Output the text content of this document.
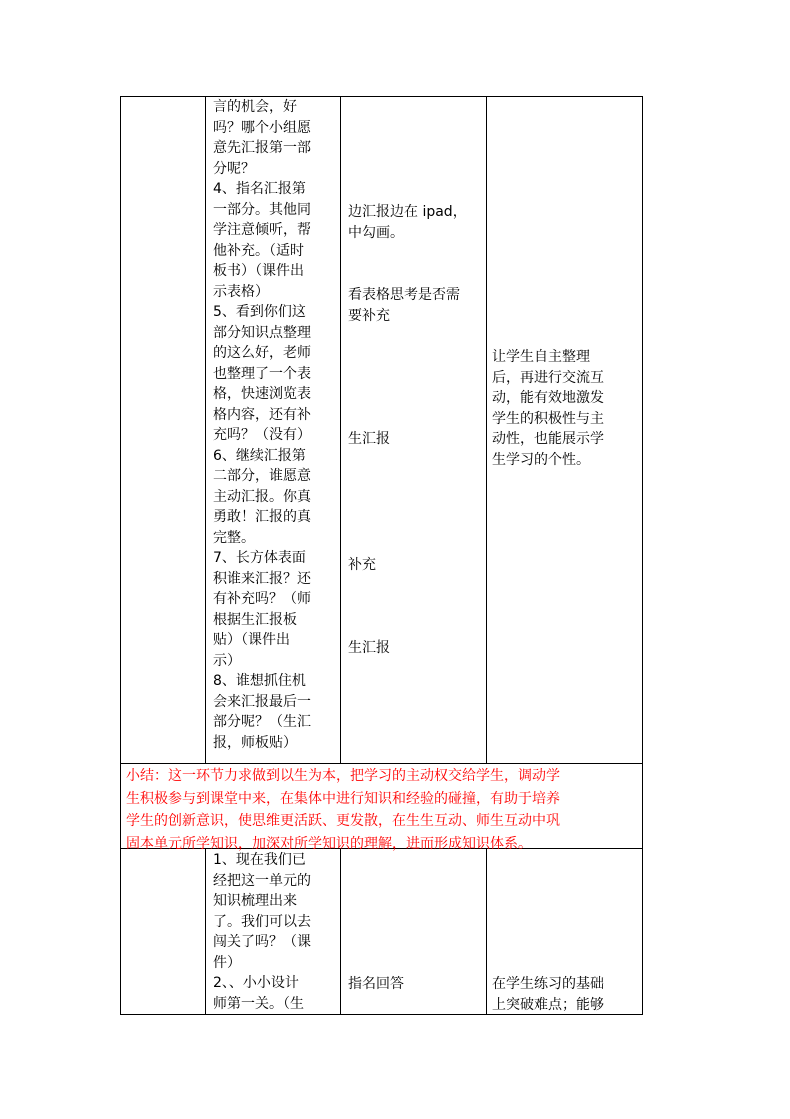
言的机会，好
吗？哪个小组愿
意先汇报第一部
分呢？
4、指名汇报第
一部分。其他同
学注意倾听，帮
他补充。（适时
板书）（课件出
示表格）
5、看到你们这
部分知识点整理
的这么好，老师
也整理了一个表
格，快速浏览表
格内容，还有补
充吗？（没有）
6、继续汇报第
二部分，谁愿意
主动汇报。你真
勇敢！汇报的真
完整。
7、长方体表面
积谁来汇报？还
有补充吗？（师
根据生汇报板
贴）（课件出
示）
8、谁想抓住机
会来汇报最后一
部分呢？（生汇
报，师板贴）
边汇报边在 ipad，
中勾画。
看表格思考是否需
要补充
生汇报
补充
生汇报
让学生自主整理
后，再进行交流互
动，能有效地激发
学生的积极性与主
动性，也能展示学
生学习的个性。
小结：这一环节力求做到以生为本，把学习的主动权交给学生，调动学
生积极参与到课堂中来，在集体中进行知识和经验的碰撞，有助于培养
学生的创新意识，使思维更活跃、更发散，在生生互动、师生互动中巩
固本单元所学知识，加深对所学知识的理解，进而形成知识体系。
1、现在我们已
经把这一单元的
知识梳理出来
了。我们可以去
闯关了吗？（课
件）
2、、小小设计
师第一关。（生
指名回答	在学生练习的基础
上突破难点；能够
